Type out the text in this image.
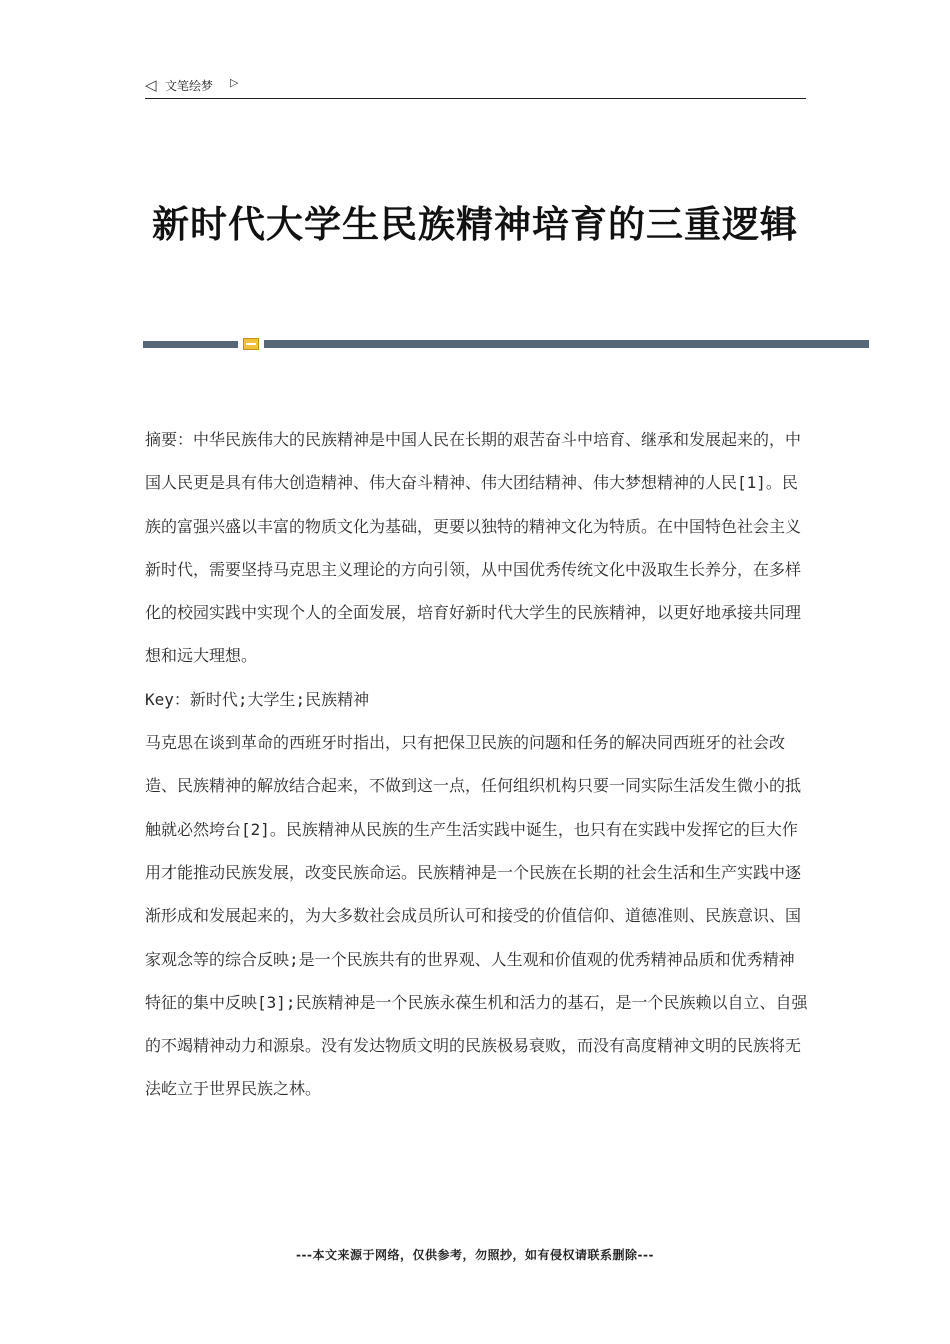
◁ 文笔绘梦 ▷
新时代大学生民族精神培育的三重逻辑

摘要：中华民族伟大的民族精神是中国人民在长期的艰苦奋斗中培育、继承和发展起来的，中国人民更是具有伟大创造精神、伟大奋斗精神、伟大团结精神、伟大梦想精神的人民[1]。民族的富强兴盛以丰富的物质文化为基础，更要以独特的精神文化为特质。在中国特色社会主义新时代，需要坚持马克思主义理论的方向引领，从中国优秀传统文化中汲取生长养分，在多样化的校园实践中实现个人的全面发展，培育好新时代大学生的民族精神，以更好地承接共同理想和远大理想。

Key：新时代;大学生;民族精神

马克思在谈到革命的西班牙时指出，只有把保卫民族的问题和任务的解决同西班牙的社会改造、民族精神的解放结合起来，不做到这一点，任何组织机构只要一同实际生活发生微小的抵触就必然垮台[2]。民族精神从民族的生产生活实践中诞生，也只有在实践中发挥它的巨大作用才能推动民族发展，改变民族命运。民族精神是一个民族在长期的社会生活和生产实践中逐渐形成和发展起来的，为大多数社会成员所认可和接受的价值信仰、道德准则、民族意识、国家观念等的综合反映;是一个民族共有的世界观、人生观和价值观的优秀精神品质和优秀精神特征的集中反映[3];民族精神是一个民族永葆生机和活力的基石，是一个民族赖以自立、自强的不竭精神动力和源泉。没有发达物质文明的民族极易衰败，而没有高度精神文明的民族将无法屹立于世界民族之林。

---本文来源于网络，仅供参考，勿照抄，如有侵权请联系删除---
